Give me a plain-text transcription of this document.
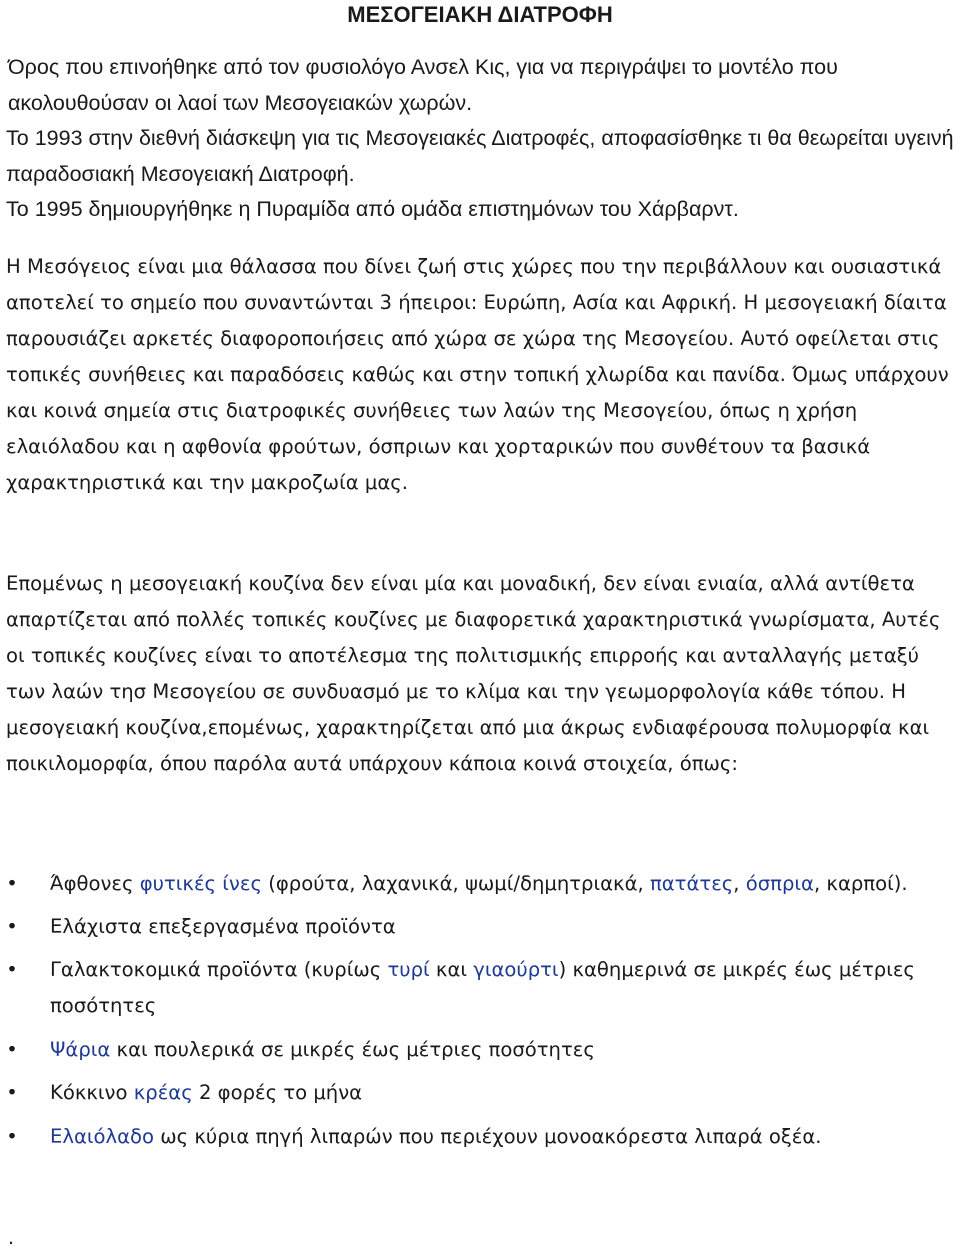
ΜΕΣΟΓΕΙΑΚΗ ΔΙΑΤΡΟΦΗ

Όρος που επινοήθηκε από τον φυσιολόγο Ανσελ Κις, για να περιγράψει το μοντέλο που ακολουθούσαν οι λαοί των Μεσογειακών χωρών.

Το 1993 στην διεθνή διάσκεψη για τις Μεσογειακές Διατροφές, αποφασίσθηκε τι θα θεωρείται υγεινή παραδοσιακή Μεσογειακή Διατροφή.

Το 1995 δημιουργήθηκε η Πυραμίδα από ομάδα επιστημόνων του Χάρβαρντ.

Η Μεσόγειος είναι μια θάλασσα που δίνει ζωή στις χώρες που την περιβάλλουν και ουσιαστικά αποτελεί το σημείο που συναντώνται 3 ήπειροι: Ευρώπη, Ασία και Αφρική. Η μεσογειακή δίαιτα παρουσιάζει αρκετές διαφοροποιήσεις από χώρα σε χώρα της Μεσογείου. Αυτό οφείλεται στις τοπικές συνήθειες και παραδόσεις καθώς και στην τοπική χλωρίδα και πανίδα. Όμως υπάρχουν και κοινά σημεία στις διατροφικές συνήθειες των λαών της Μεσογείου, όπως η χρήση ελαιόλαδου και η αφθονία φρούτων, όσπριων και χορταρικών που συνθέτουν τα βασικά χαρακτηριστικά και την μακροζωία μας.

Επομένως η μεσογειακή κουζίνα δεν είναι μία και μοναδική, δεν είναι ενιαία, αλλά αντίθετα απαρτίζεται από πολλές τοπικές κουζίνες με διαφορετικά χαρακτηριστικά γνωρίσματα, Αυτές οι τοπικές κουζίνες είναι το αποτέλεσμα της πολιτισμικής επιρροής και ανταλλαγής μεταξύ των λαών τησ Μεσογείου σε συνδυασμό με το κλίμα και την γεωμορφολογία κάθε τόπου. Η μεσογειακή κουζίνα,επομένως, χαρακτηρίζεται από μια άκρως ενδιαφέρουσα πολυμορφία και ποικιλομορφία, όπου παρόλα αυτά υπάρχουν κάποια κοινά στοιχεία, όπως:

• Άφθονες φυτικές ίνες (φρούτα, λαχανικά, ψωμί/δημητριακά, πατάτες, όσπρια, καρποί).
• Ελάχιστα επεξεργασμένα προϊόντα
• Γαλακτοκομικά προϊόντα (κυρίως τυρί και γιαούρτι) καθημερινά σε μικρές έως μέτριες ποσότητες
• Ψάρια και πουλερικά σε μικρές έως μέτριες ποσότητες
• Κόκκινο κρέας 2 φορές το μήνα
• Ελαιόλαδο ως κύρια πηγή λιπαρών που περιέχουν μονοακόρεστα λιπαρά οξέα.
.
